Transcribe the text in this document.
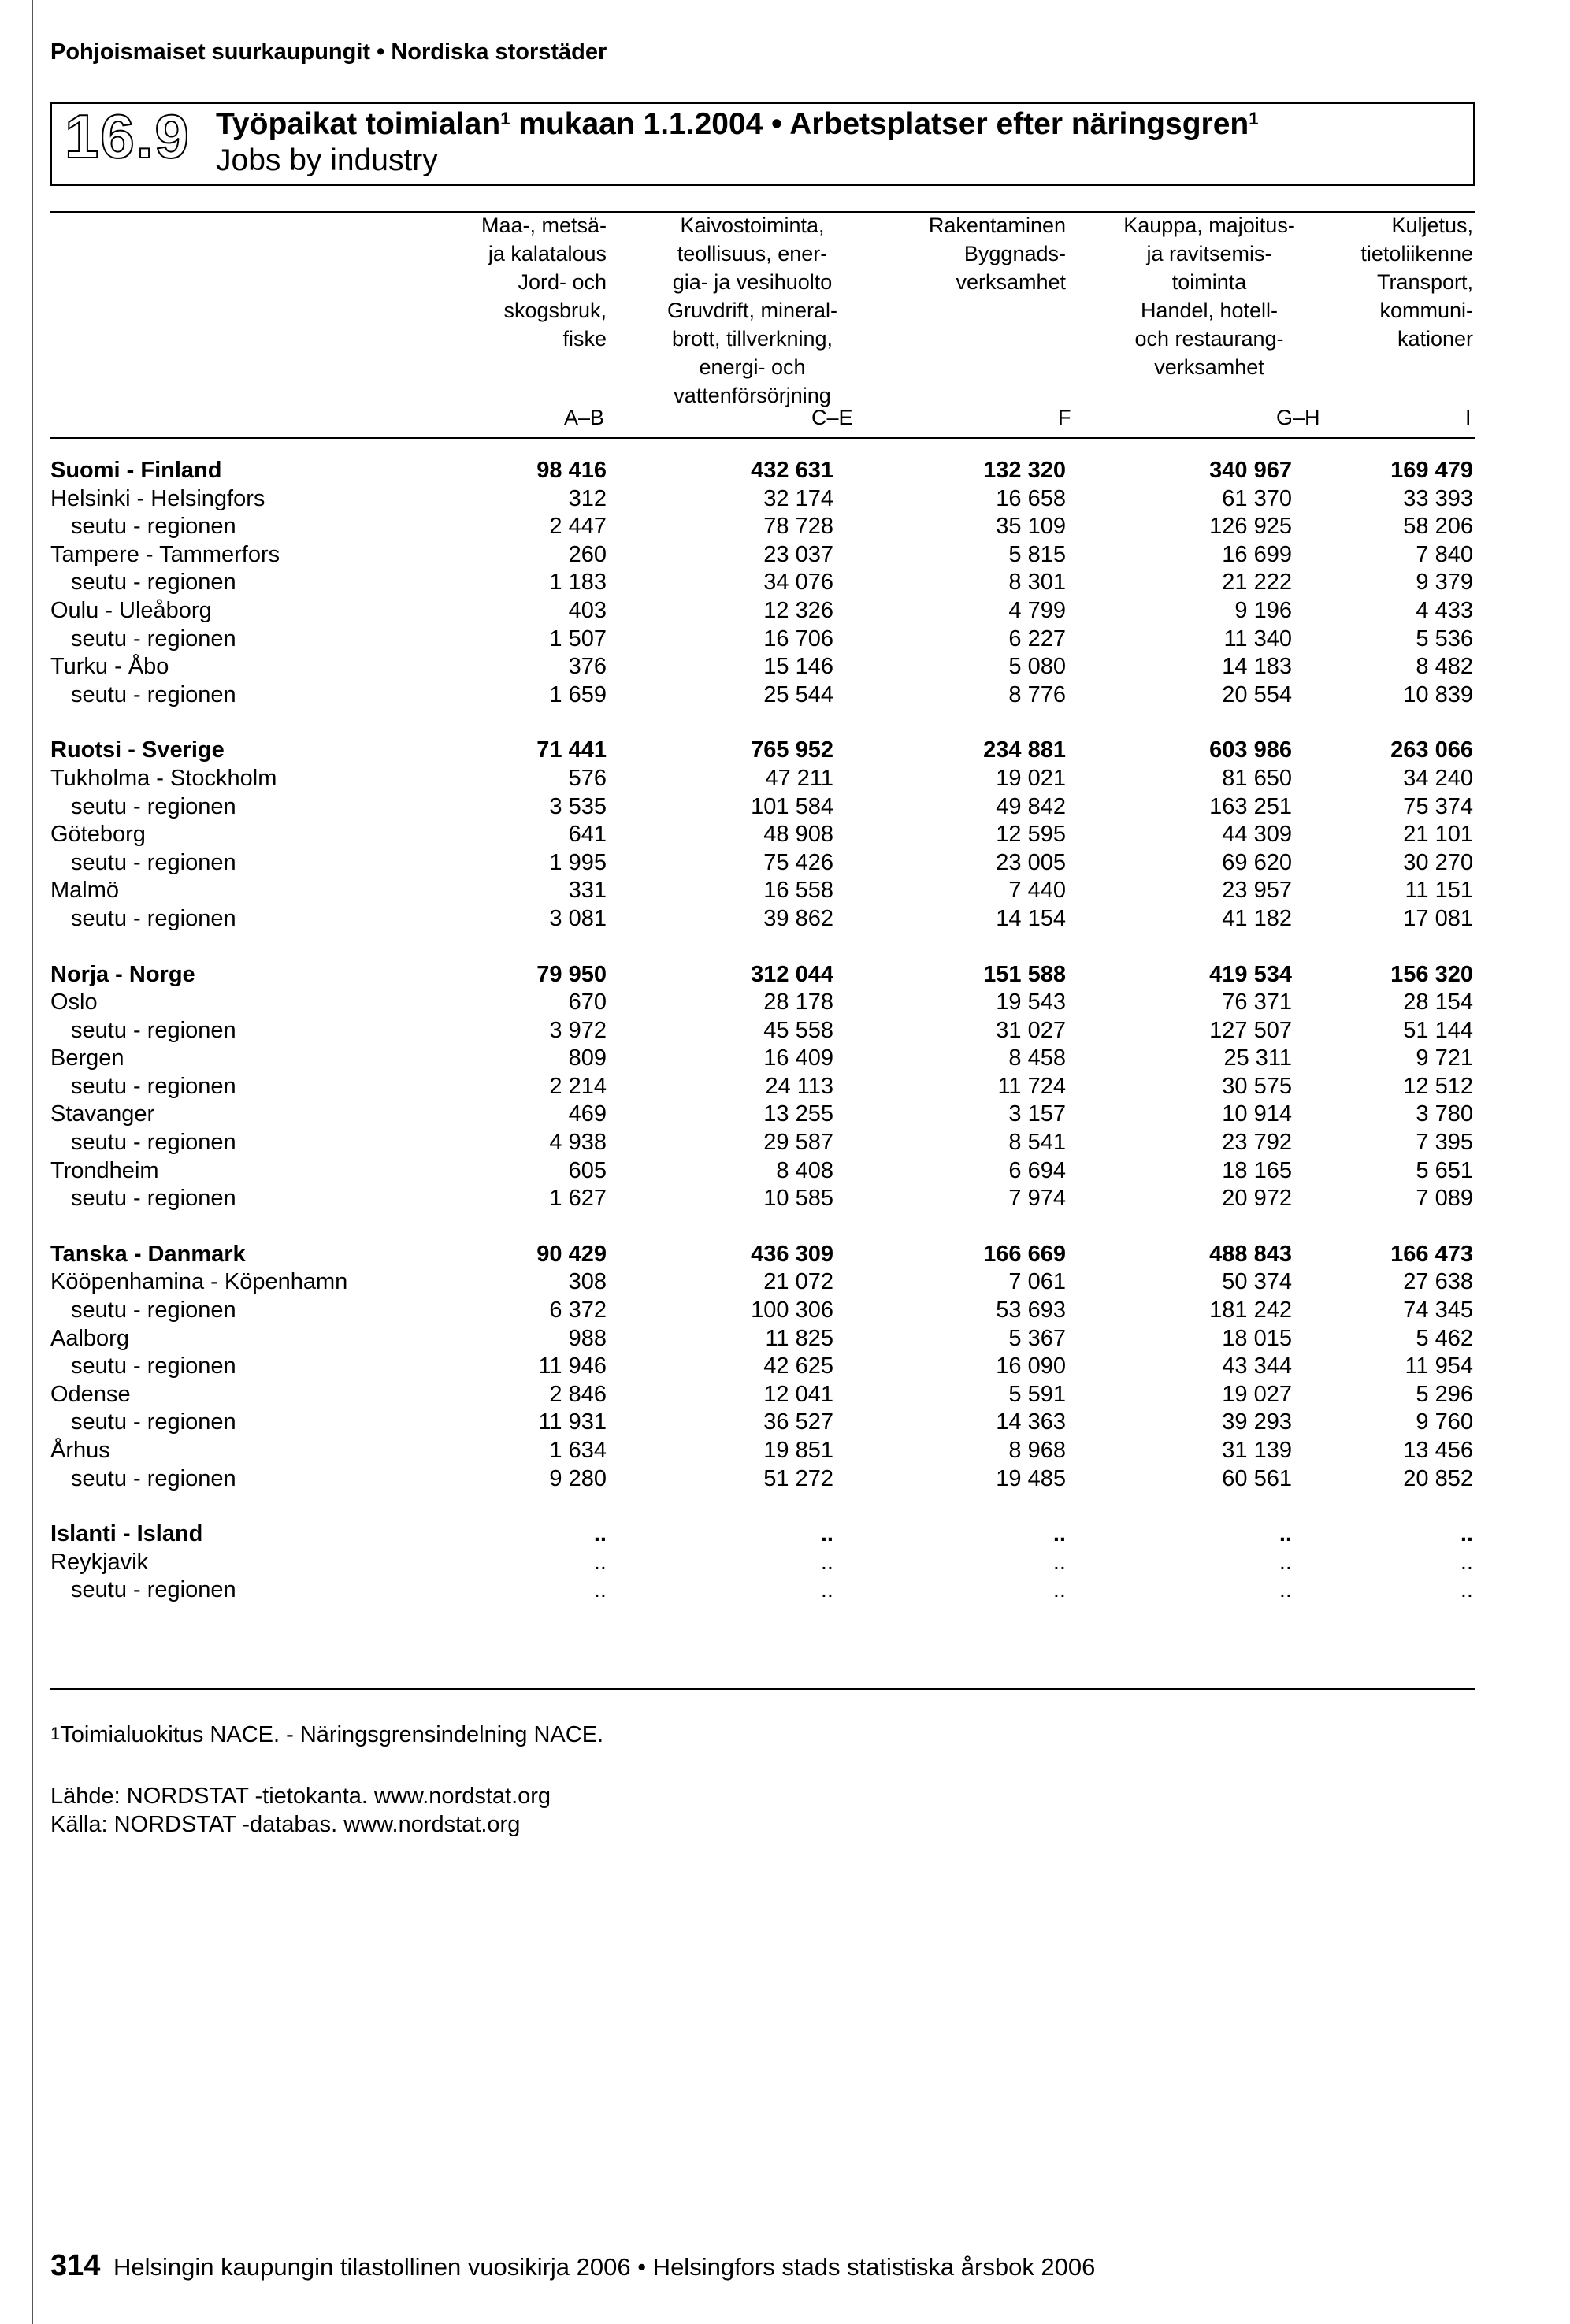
Pohjoismaiset suurkaupungit • Nordiska storstäder
16.9 Työpaikat toimialan$^1$ mukaan 1.1.2004 • Arbetsplatser efter näringsgren$^1$
Jobs by industry
Maa-, metsä-
ja kalatalous
Jord- och
skogsbruk,
fiske
Kaivostoiminta,
teollisuus, ener-
gia- ja vesihuolto
Gruvdrift, mineral-
brott, tillverkning,
energi- och
vattenförsörjning
Rakentaminen
Byggnads-
verksamhet
Kauppa, majoitus-
ja ravitsemis-
toiminta
Handel, hotell-
och restaurang-
verksamhet
Kuljetus,
tietoliikenne
Transport,
kommuni-
kationer
A–B	C–E	F	G–H	I
Suomi - Finland	98 416	432 631	132 320	340 967	169 479
Helsinki - Helsingfors	312	32 174	16 658	61 370	33 393
seutu - regionen	2 447	78 728	35 109	126 925	58 206
Tampere - Tammerfors	260	23 037	5 815	16 699	7 840
seutu - regionen	1 183	34 076	8 301	21 222	9 379
Oulu - Uleåborg	403	12 326	4 799	9 196	4 433
seutu - regionen	1 507	16 706	6 227	11 340	5 536
Turku - Åbo	376	15 146	5 080	14 183	8 482
seutu - regionen	1 659	25 544	8 776	20 554	10 839
Ruotsi - Sverige	71 441	765 952	234 881	603 986	263 066
Tukholma - Stockholm	576	47 211	19 021	81 650	34 240
seutu - regionen	3 535	101 584	49 842	163 251	75 374
Göteborg	641	48 908	12 595	44 309	21 101
seutu - regionen	1 995	75 426	23 005	69 620	30 270
Malmö	331	16 558	7 440	23 957	11 151
seutu - regionen	3 081	39 862	14 154	41 182	17 081
Norja - Norge	79 950	312 044	151 588	419 534	156 320
Oslo	670	28 178	19 543	76 371	28 154
seutu - regionen	3 972	45 558	31 027	127 507	51 144
Bergen	809	16 409	8 458	25 311	9 721
seutu - regionen	2 214	24 113	11 724	30 575	12 512
Stavanger	469	13 255	3 157	10 914	3 780
seutu - regionen	4 938	29 587	8 541	23 792	7 395
Trondheim	605	8 408	6 694	18 165	5 651
seutu - regionen	1 627	10 585	7 974	20 972	7 089
Tanska - Danmark	90 429	436 309	166 669	488 843	166 473
Kööpenhamina - Köpenhamn	308	21 072	7 061	50 374	27 638
seutu - regionen	6 372	100 306	53 693	181 242	74 345
Aalborg	988	11 825	5 367	18 015	5 462
seutu - regionen	11 946	42 625	16 090	43 344	11 954
Odense	2 846	12 041	5 591	19 027	5 296
seutu - regionen	11 931	36 527	14 363	39 293	9 760
Århus	1 634	19 851	8 968	31 139	13 456
seutu - regionen	9 280	51 272	19 485	60 561	20 852
Islanti - Island	..	..	..	..	..
Reykjavik	..	..	..	..	..
seutu - regionen	..	..	..	..	..
$^1$Toimialuokitus NACE. - Näringsgrensindelning NACE.
Lähde: NORDSTAT -tietokanta. www.nordstat.org
Källa: NORDSTAT -databas. www.nordstat.org
314 Helsingin kaupungin tilastollinen vuosikirja 2006 • Helsingfors stads statistiska årsbok 2006
